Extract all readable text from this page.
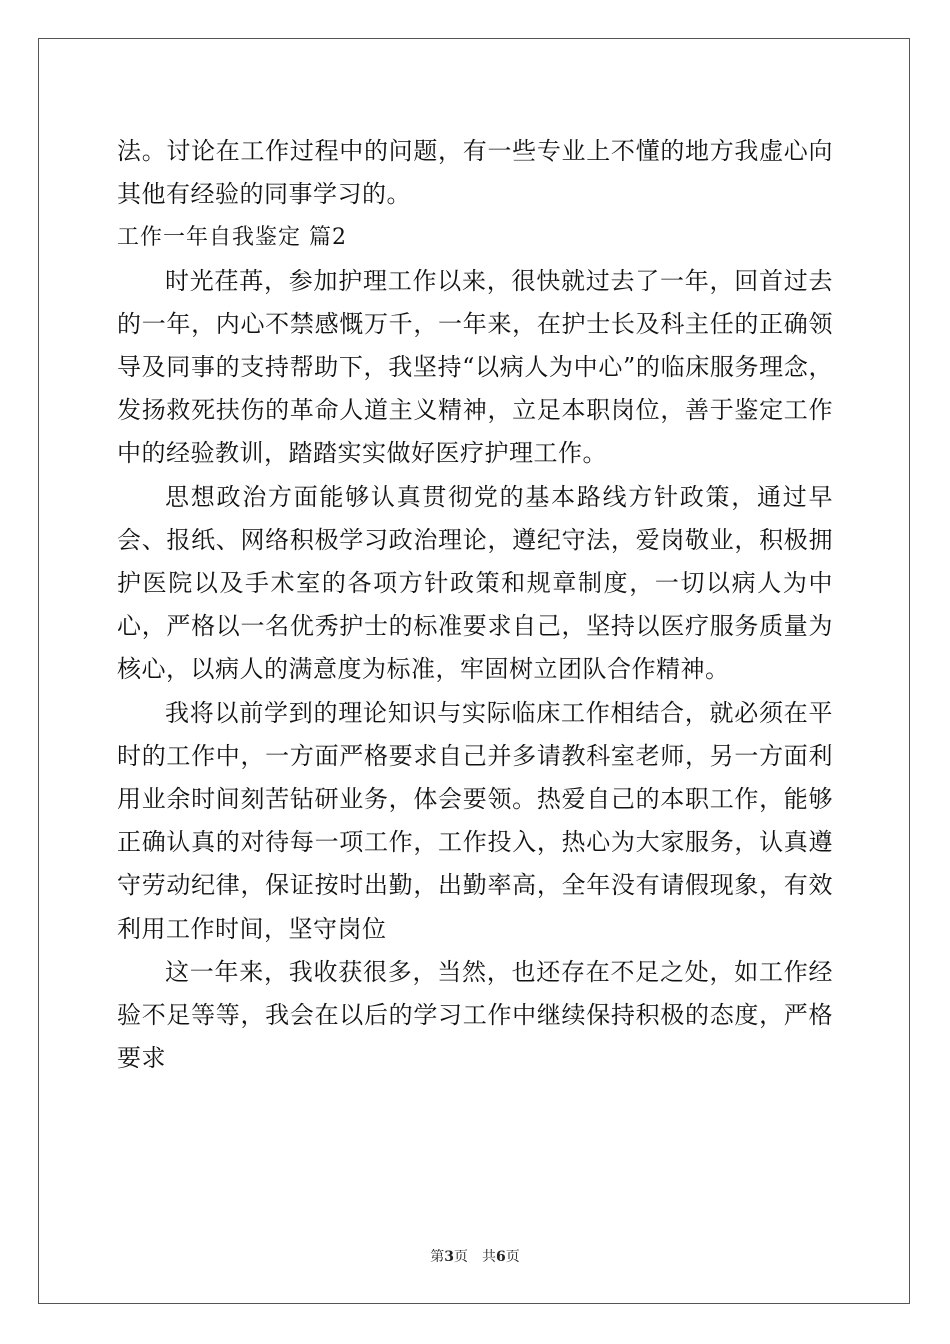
法。讨论在工作过程中的问题，有一些专业上不懂的地方我虚心向其他有经验的同事学习的。

工作一年自我鉴定 篇2

时光荏苒，参加护理工作以来，很快就过去了一年，回首过去的一年，内心不禁感慨万千，一年来，在护士长及科主任的正确领导及同事的支持帮助下，我坚持“以病人为中心”的临床服务理念，发扬救死扶伤的革命人道主义精神，立足本职岗位，善于鉴定工作中的经验教训，踏踏实实做好医疗护理工作。

思想政治方面能够认真贯彻党的基本路线方针政策，通过早会、报纸、网络积极学习政治理论，遵纪守法，爱岗敬业，积极拥护医院以及手术室的各项方针政策和规章制度，一切以病人为中心，严格以一名优秀护士的标准要求自己，坚持以医疗服务质量为核心，以病人的满意度为标准，牢固树立团队合作精神。

我将以前学到的理论知识与实际临床工作相结合，就必须在平时的工作中，一方面严格要求自己并多请教科室老师，另一方面利用业余时间刻苦钻研业务，体会要领。热爱自己的本职工作，能够正确认真的对待每一项工作，工作投入，热心为大家服务，认真遵守劳动纪律，保证按时出勤，出勤率高，全年没有请假现象，有效利用工作时间，坚守岗位

这一年来，我收获很多，当然，也还存在不足之处，如工作经验不足等等，我会在以后的学习工作中继续保持积极的态度，严格要求

第3页 共6页
